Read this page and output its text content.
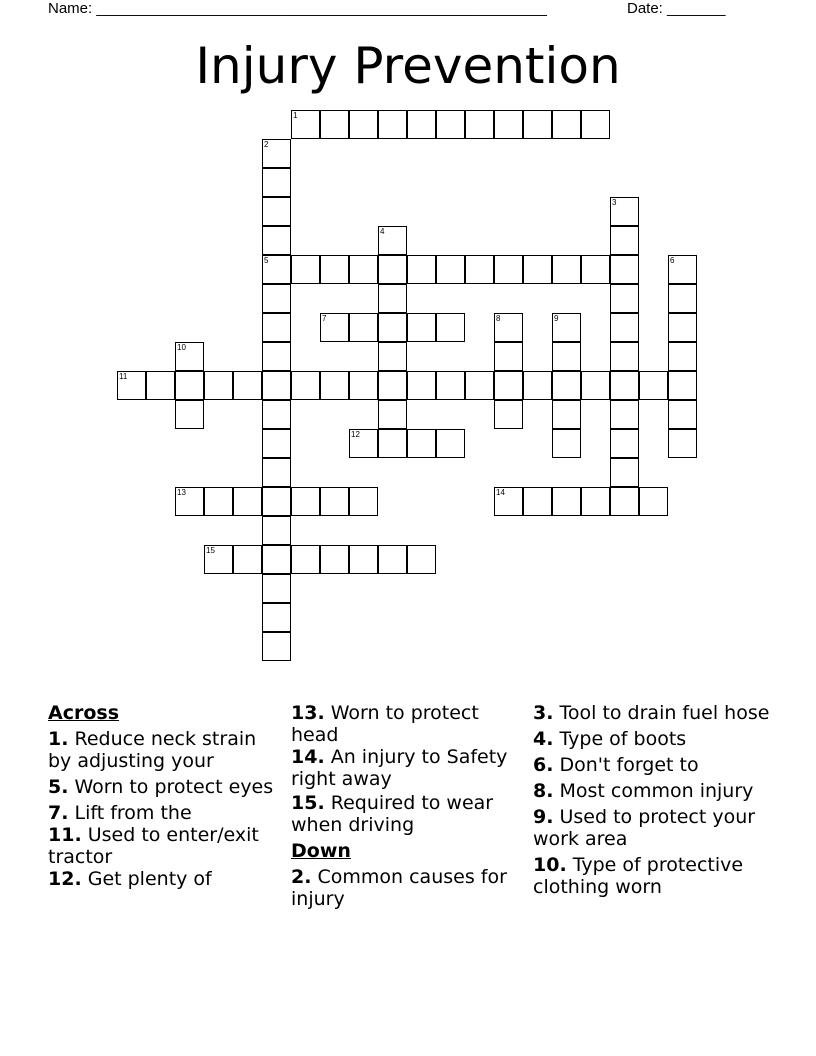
Name: ______________________________________________________	Date: _______
Injury Prevention
1
2
5
3
4
6
7	8	9
10
11
12
13	14
15
Across
1. Reduce neck strain by adjusting your
5. Worn to protect eyes
7. Lift from the
11. Used to enter/exit tractor
12. Get plenty of
13. Worn to protect head
14. An injury to Safety right away
15. Required to wear when driving
Down
2. Common causes for injury
3. Tool to drain fuel hose
4. Type of boots
6. Don't forget to
8. Most common injury
9. Used to protect your work area
10. Type of protective clothing worn
